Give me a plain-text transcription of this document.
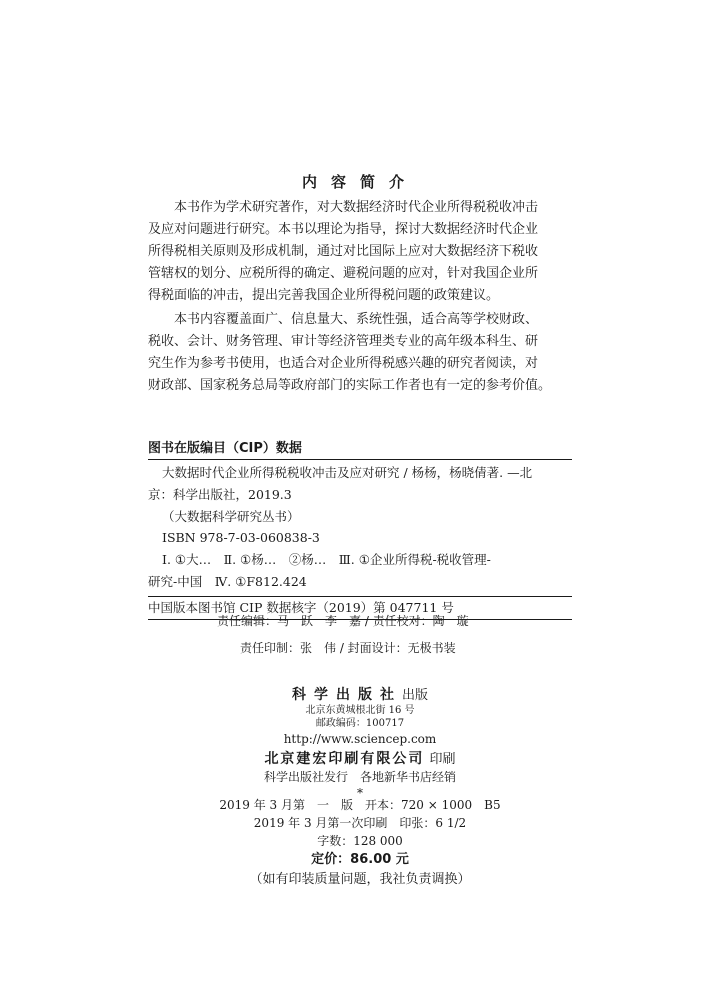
内容简介

本书作为学术研究著作，对大数据经济时代企业所得税税收冲击
及应对问题进行研究。本书以理论为指导，探讨大数据经济时代企业
所得税相关原则及形成机制，通过对比国际上应对大数据经济下税收
管辖权的划分、应税所得的确定、避税问题的应对，针对我国企业所
得税面临的冲击，提出完善我国企业所得税问题的政策建议。

本书内容覆盖面广、信息量大、系统性强，适合高等学校财政、
税收、会计、财务管理、审计等经济管理类专业的高年级本科生、研
究生作为参考书使用，也适合对企业所得税感兴趣的研究者阅读，对
财政部、国家税务总局等政府部门的实际工作者也有一定的参考价值。

图书在版编目（CIP）数据
大数据时代企业所得税税收冲击及应对研究 / 杨杨，杨晓倩著. —北
京：科学出版社，2019.3
（大数据科学研究丛书）
ISBN 978-7-03-060838-3
Ⅰ. ①大…　Ⅱ. ①杨…　②杨…　Ⅲ. ①企业所得税-税收管理-
研究-中国　Ⅳ. ①F812.424
中国版本图书馆 CIP 数据核字（2019）第 047711 号
责任编辑：马　跃　李　嘉 / 责任校对：陶　璇
责任印制：张　伟 / 封面设计：无极书装
科学出版社出版
北京东黄城根北街 16 号
邮政编码：100717
http://www.sciencep.com
北京建宏印刷有限公司 印刷
科学出版社发行　各地新华书店经销
*
2019 年 3 月第　一　版　开本：720 × 1000　B5
2019 年 3 月第一次印刷　印张：6 1/2
字数：128 000
定价：86.00 元
（如有印装质量问题，我社负责调换）
